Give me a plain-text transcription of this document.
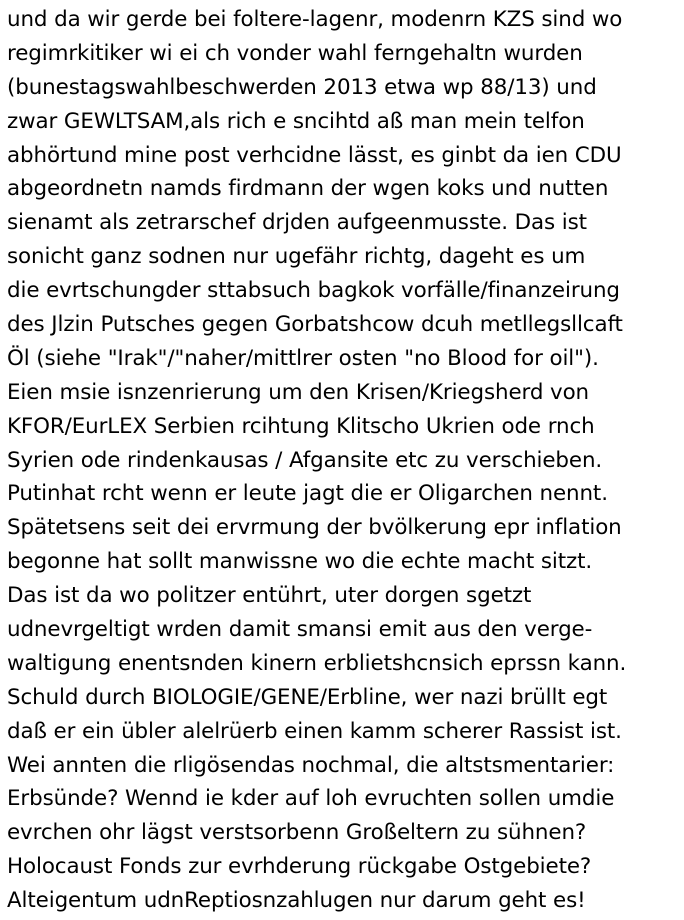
und da wir gerde bei foltere-lagenr, modenrn KZS sind wo
regimrkitiker wi ei ch vonder wahl ferngehaltn wurden
(bunestagswahlbeschwerden 2013 etwa wp 88/13) und
zwar GEWLTSAM,als rich e sncihtd aß man mein telfon
abhörtund mine post verhcidne lässt, es ginbt da ien CDU
abgeordnetn namds firdmann der wgen koks und nutten
sienamt als zetrarschef drjden aufgeenmusste. Das ist
sonicht ganz sodnen nur ugefähr richtg, dageht es um
die evrtschungder sttabsuch bagkok vorfälle/finanzeirung
des Jlzin Putsches gegen Gorbatshcow dcuh metllegsllcaft
Öl (siehe "Irak"/"naher/mittlrer osten "no Blood for oil").
Eien msie isnzenrierung um den Krisen/Kriegsherd von
KFOR/EurLEX Serbien rcihtung Klitscho Ukrien ode rnch
Syrien ode rindenkausas / Afgansite etc zu verschieben.
Putinhat rcht wenn er leute jagt die er Oligarchen nennt.
Spätetsens seit dei ervrmung der bvölkerung epr inflation
begonne hat sollt manwissne wo die echte macht sitzt.
Das ist da wo politzer entührt, uter dorgen sgetzt
udnevrgeltigt wrden damit smansi emit aus den verge-
waltigung enentsnden kinern erblietshcnsich eprssn kann.
Schuld durch BIOLOGIE/GENE/Erbline, wer nazi brüllt egt
daß er ein übler alelrüerb einen kamm scherer Rassist ist.
Wei annten die rligösendas nochmal, die altstsmentarier:
Erbsünde? Wennd ie kder auf loh evruchten sollen umdie
evrchen ohr lägst verstsorbenn Großeltern zu sühnen?
Holocaust Fonds zur evrhderung rückgabe Ostgebiete?
Alteigentum udnReptiosnzahlugen nur darum geht es!
